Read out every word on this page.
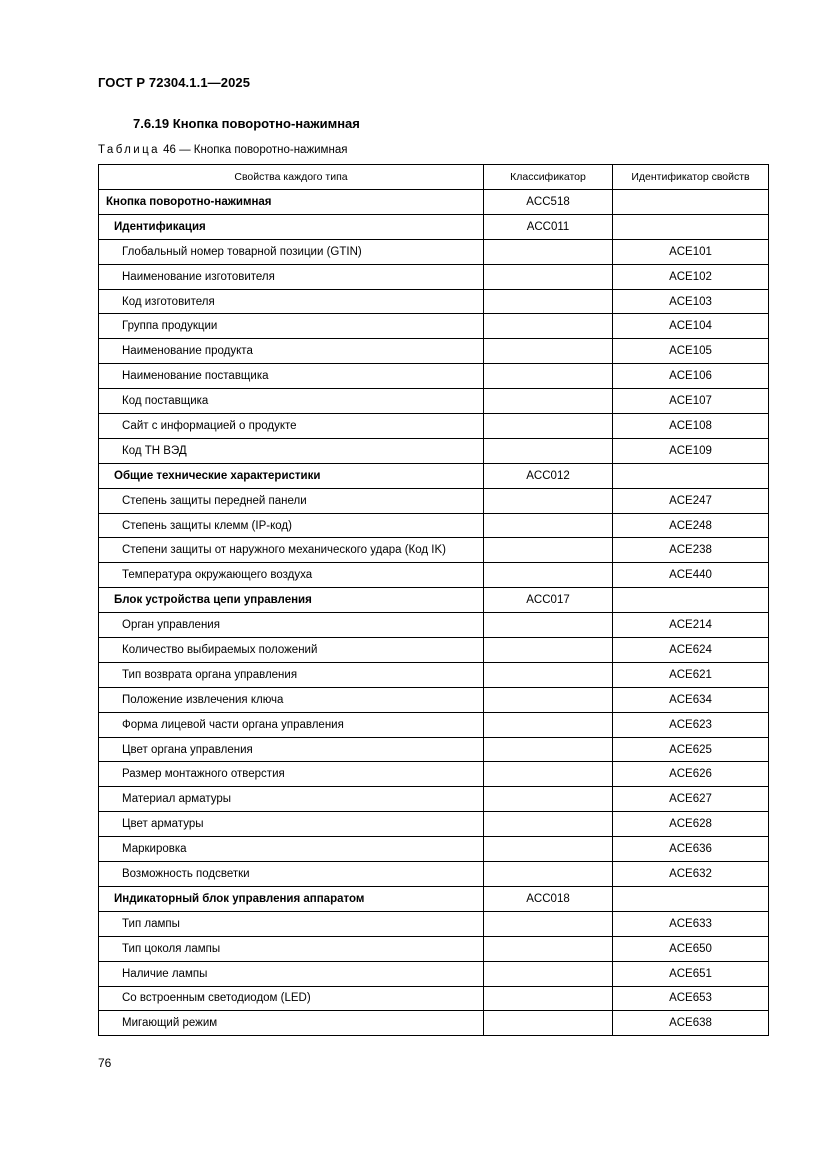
ГОСТ Р 72304.1.1—2025
7.6.19 Кнопка поворотно-нажимная
Таблица 46 — Кнопка поворотно-нажимная
Свойства каждого типа	Классификатор	Идентификатор свойств
Кнопка поворотно-нажимная	ACC518	
Идентификация	ACC011	
Глобальный номер товарной позиции (GTIN)		ACE101
Наименование изготовителя		ACE102
Код изготовителя		ACE103
Группа продукции		ACE104
Наименование продукта		ACE105
Наименование поставщика		ACE106
Код поставщика		ACE107
Сайт с информацией о продукте		ACE108
Код ТН ВЭД		ACE109
Общие технические характеристики	ACC012	
Степень защиты передней панели		ACE247
Степень защиты клемм (IP-код)		ACE248
Степени защиты от наружного механического удара (Код IK)		ACE238
Температура окружающего воздуха		ACE440
Блок устройства цепи управления	ACC017	
Орган управления		ACE214
Количество выбираемых положений		ACE624
Тип возврата органа управления		ACE621
Положение извлечения ключа		ACE634
Форма лицевой части органа управления		ACE623
Цвет органа управления		ACE625
Размер монтажного отверстия		ACE626
Материал арматуры		ACE627
Цвет арматуры		ACE628
Маркировка		ACE636
Возможность подсветки		ACE632
Индикаторный блок управления аппаратом	ACC018	
Тип лампы		ACE633
Тип цоколя лампы		ACE650
Наличие лампы		ACE651
Со встроенным светодиодом (LED)		ACE653
Мигающий режим		ACE638
76
